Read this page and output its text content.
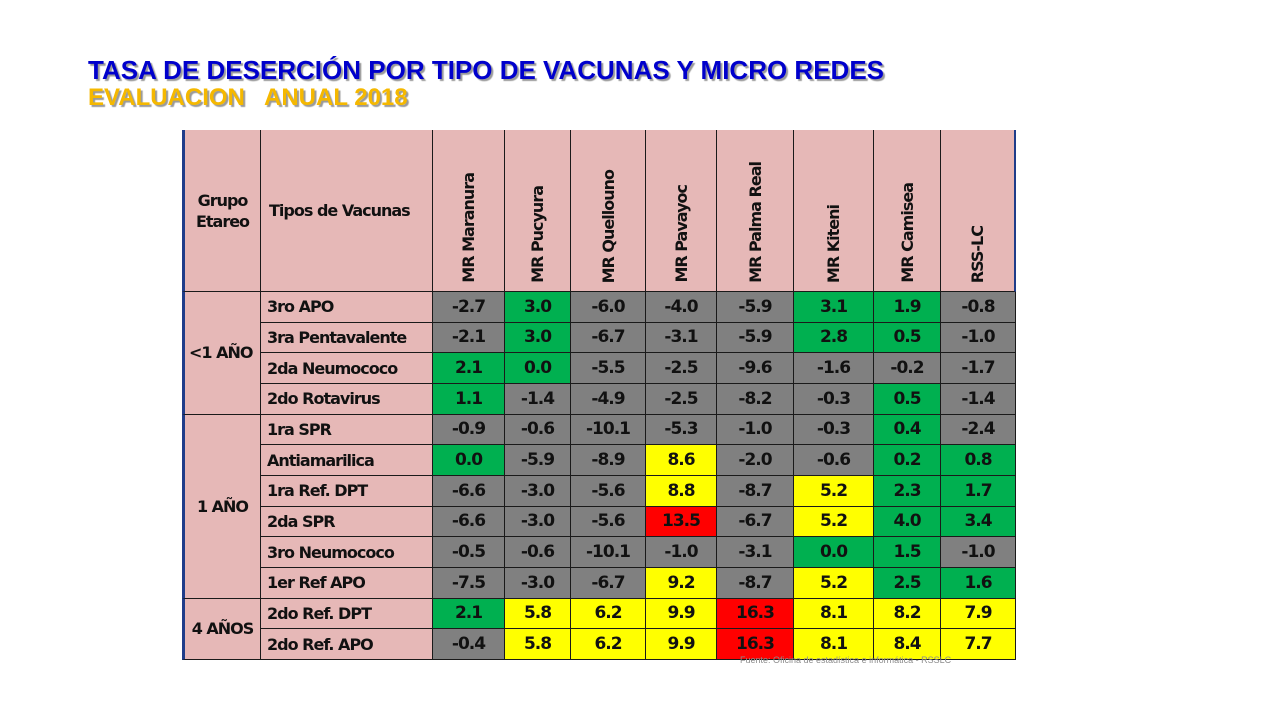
TASA DE DESERCIÓN POR TIPO DE VACUNAS Y MICRO REDES
EVALUACION   ANUAL 2018
Grupo Etareo
Tipos de Vacunas	MR Maranura	MR Pucyura	MR Quellouno	MR Pavayoc	MR Palma Real	MR Kiteni	MR Camisea	RSS-LC
<1 AÑO
3ro APO	-2.7	3.0	-6.0	-4.0	-5.9	3.1	1.9	-0.8
3ra Pentavalente	-2.1	3.0	-6.7	-3.1	-5.9	2.8	0.5	-1.0
2da Neumococo	2.1	0.0	-5.5	-2.5	-9.6	-1.6	-0.2	-1.7
2do Rotavirus	1.1	-1.4	-4.9	-2.5	-8.2	-0.3	0.5	-1.4
1 AÑO
1ra SPR	-0.9	-0.6	-10.1	-5.3	-1.0	-0.3	0.4	-2.4
Antiamarilica	0.0	-5.9	-8.9	8.6	-2.0	-0.6	0.2	0.8
1ra Ref. DPT	-6.6	-3.0	-5.6	8.8	-8.7	5.2	2.3	1.7
2da SPR	-6.6	-3.0	-5.6	13.5	-6.7	5.2	4.0	3.4
3ro Neumococo	-0.5	-0.6	-10.1	-1.0	-3.1	0.0	1.5	-1.0
1er Ref APO	-7.5	-3.0	-6.7	9.2	-8.7	5.2	2.5	1.6
4 AÑOS
2do Ref. DPT	2.1	5.8	6.2	9.9	16.3	8.1	8.2	7.9
2do Ref. APO	-0.4	5.8	6.2	9.9	16.3	8.1	8.4	7.7
Fuente: Oficina de estadística e informática - RSSLC
